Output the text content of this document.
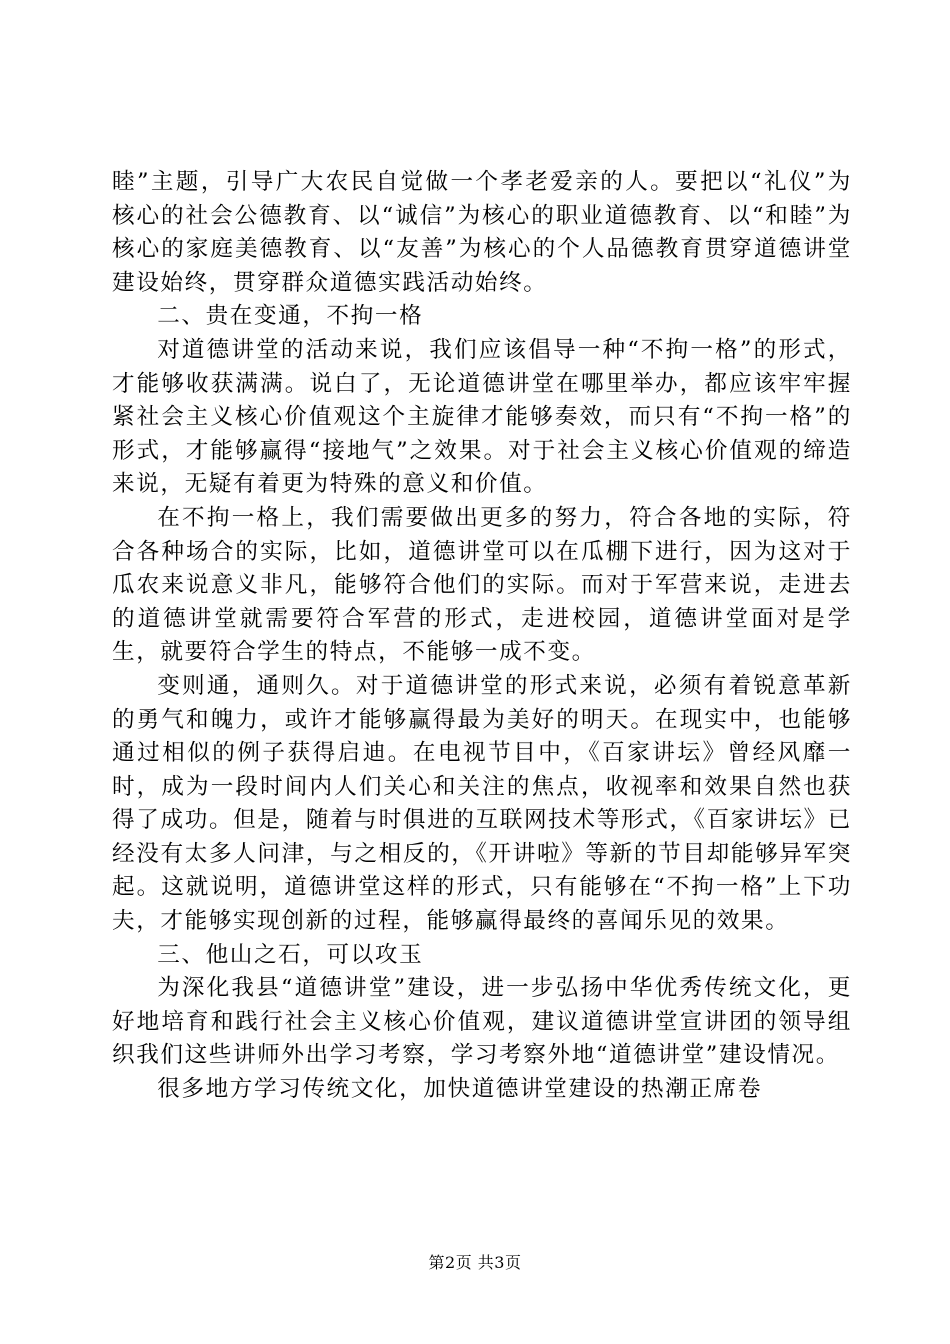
睦”主题，引导广大农民自觉做一个孝老爱亲的人。要把以“礼仪”为核心的社会公德教育、以“诚信”为核心的职业道德教育、以“和睦”为核心的家庭美德教育、以“友善”为核心的个人品德教育贯穿道德讲堂建设始终，贯穿群众道德实践活动始终。

二、贵在变通，不拘一格

对道德讲堂的活动来说，我们应该倡导一种“不拘一格”的形式，才能够收获满满。说白了，无论道德讲堂在哪里举办，都应该牢牢握紧社会主义核心价值观这个主旋律才能够奏效，而只有“不拘一格”的形式，才能够赢得“接地气”之效果。对于社会主义核心价值观的缔造来说，无疑有着更为特殊的意义和价值。

在不拘一格上，我们需要做出更多的努力，符合各地的实际，符合各种场合的实际，比如，道德讲堂可以在瓜棚下进行，因为这对于瓜农来说意义非凡，能够符合他们的实际。而对于军营来说，走进去的道德讲堂就需要符合军营的形式，走进校园，道德讲堂面对是学生，就要符合学生的特点，不能够一成不变。

变则通，通则久。对于道德讲堂的形式来说，必须有着锐意革新的勇气和魄力，或许才能够赢得最为美好的明天。在现实中，也能够通过相似的例子获得启迪。在电视节目中，《百家讲坛》曾经风靡一时，成为一段时间内人们关心和关注的焦点，收视率和效果自然也获得了成功。但是，随着与时俱进的互联网技术等形式，《百家讲坛》已经没有太多人问津，与之相反的，《开讲啦》等新的节目却能够异军突起。这就说明，道德讲堂这样的形式，只有能够在“不拘一格”上下功夫，才能够实现创新的过程，能够赢得最终的喜闻乐见的效果。

三、他山之石，可以攻玉

为深化我县“道德讲堂”建设，进一步弘扬中华优秀传统文化，更好地培育和践行社会主义核心价值观，建议道德讲堂宣讲团的领导组织我们这些讲师外出学习考察，学习考察外地“道德讲堂”建设情况。

很多地方学习传统文化，加快道德讲堂建设的热潮正席卷

第2页 共3页
